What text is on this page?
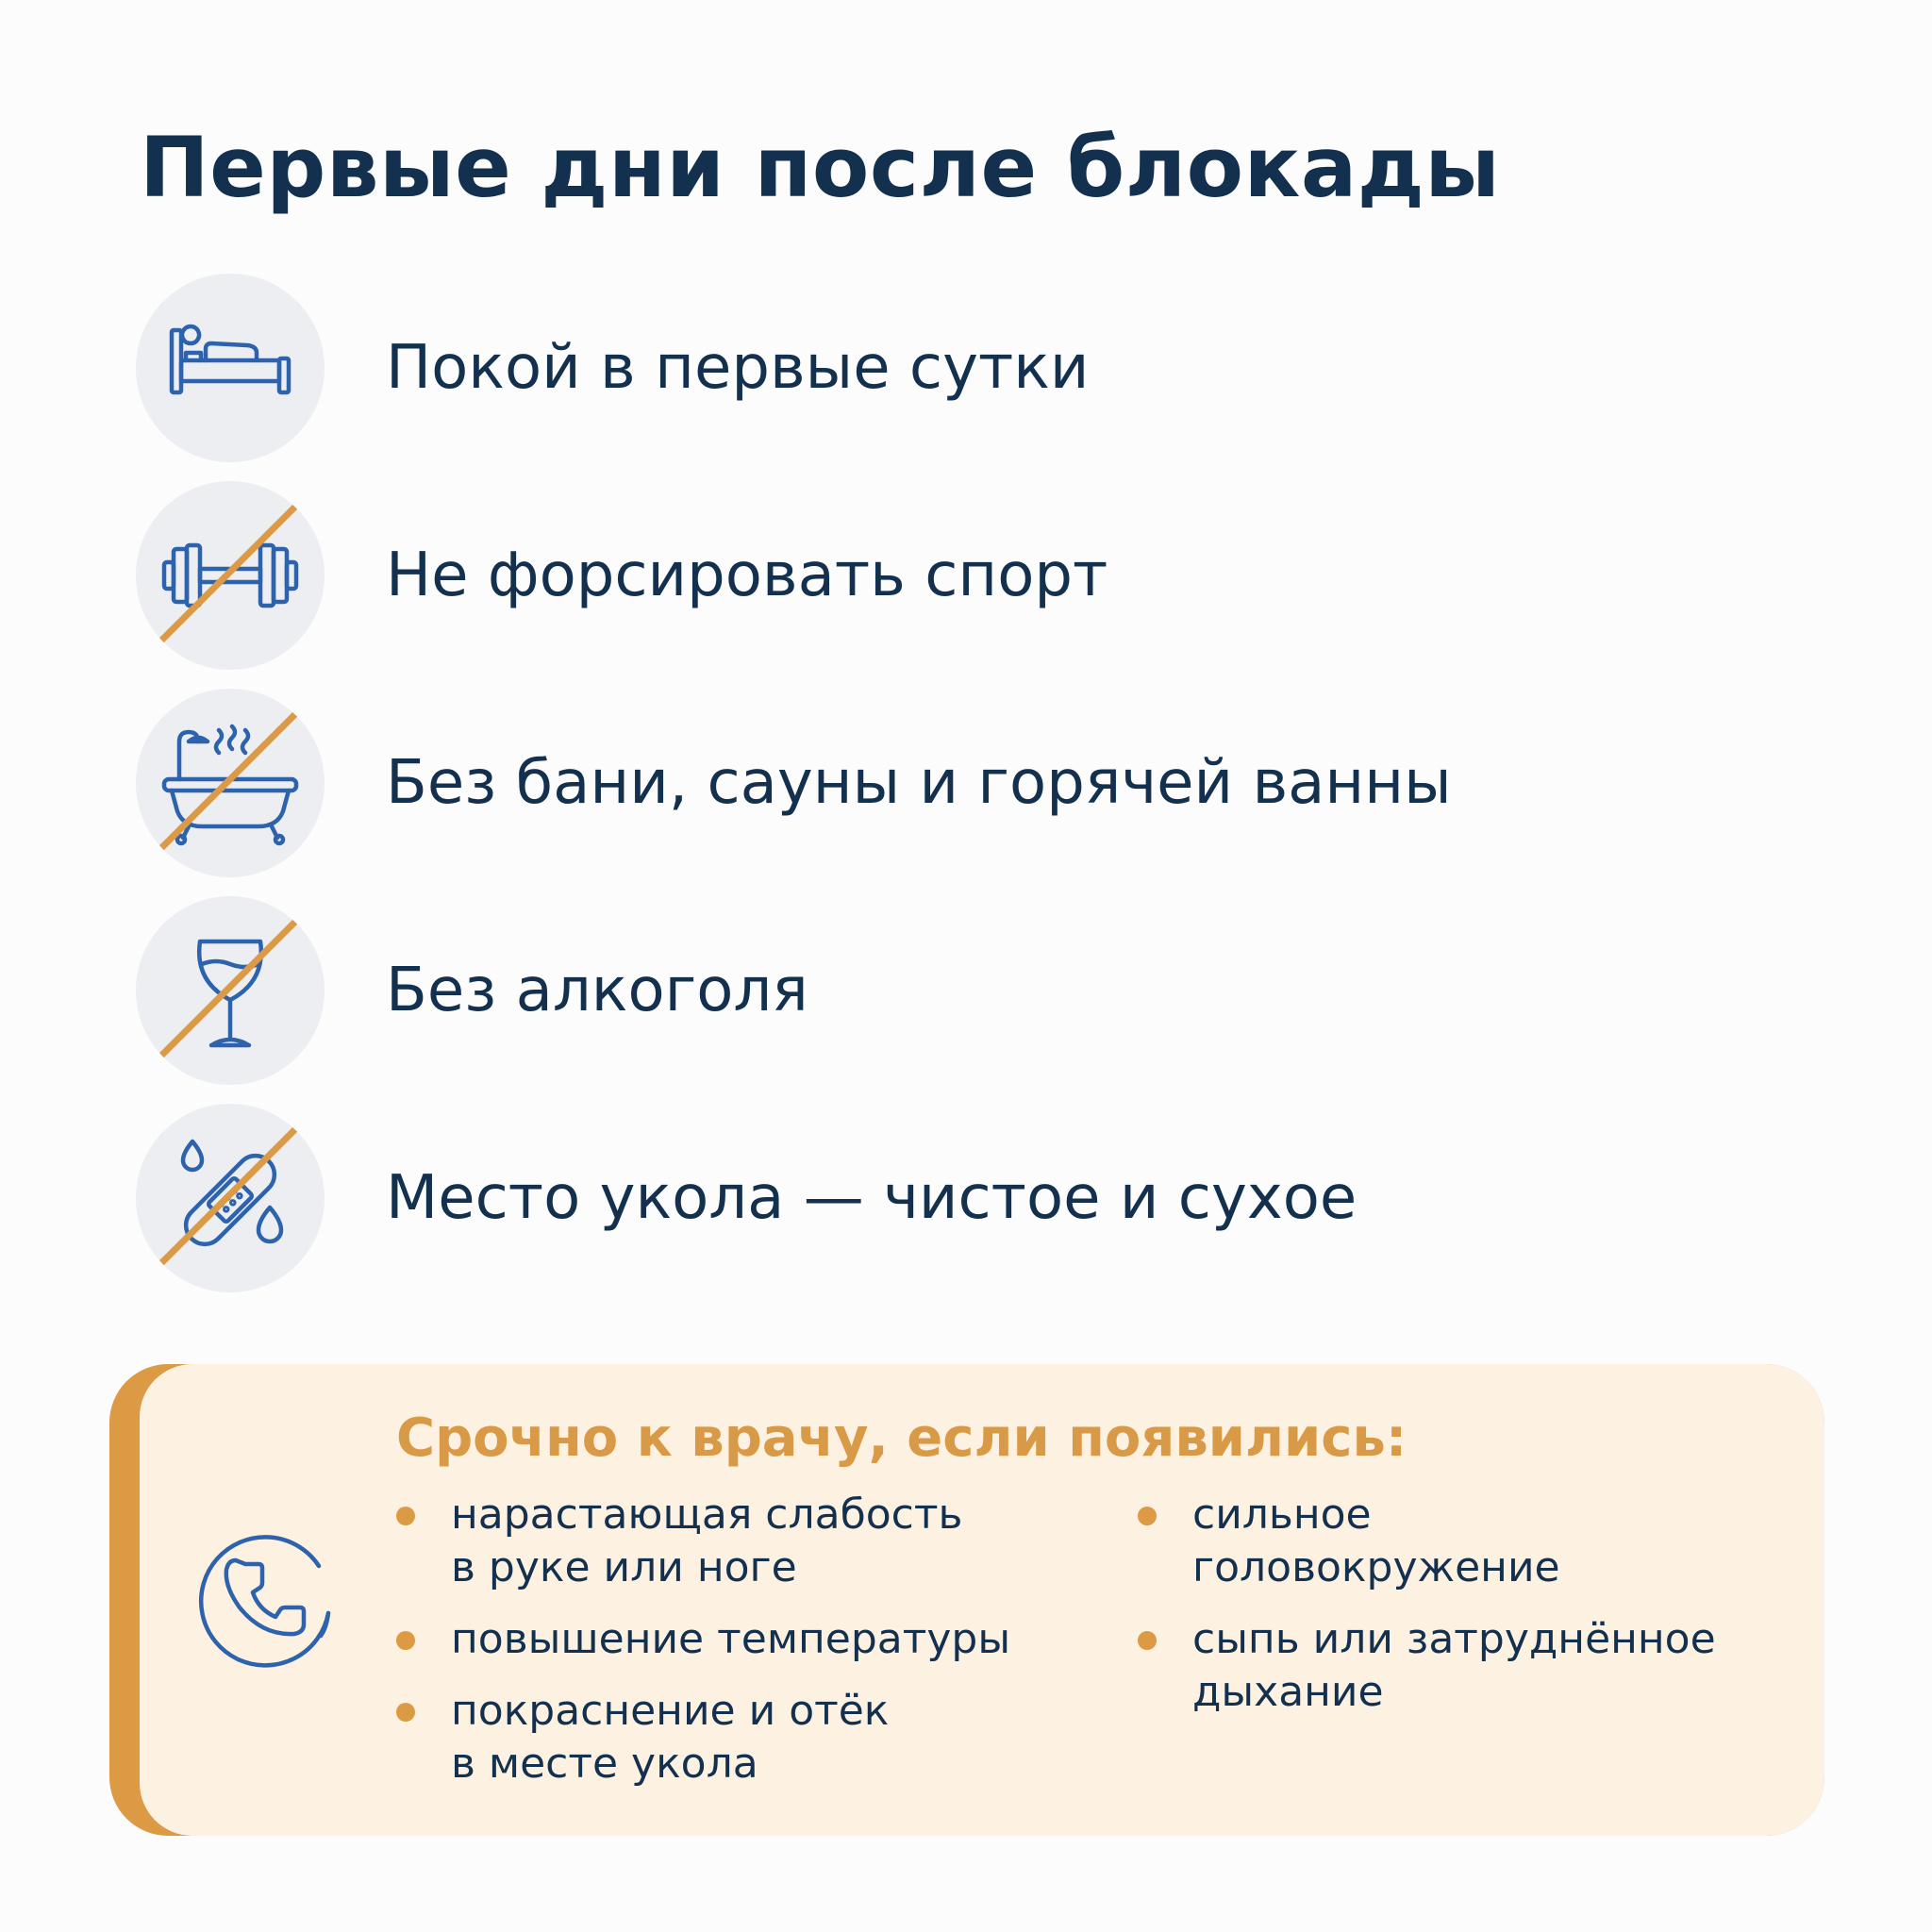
Первые дни после блокады
Покой в первые сутки
Не форсировать спорт
Без бани, сауны и горячей ванны
Без алкоголя
Место укола — чистое и сухое
Срочно к врачу, если появились:
нарастающая слабость
в руке или ноге
повышение температуры
покраснение и отёк
в месте укола
сильное
головокружение
сыпь или затруднённое
дыхание
